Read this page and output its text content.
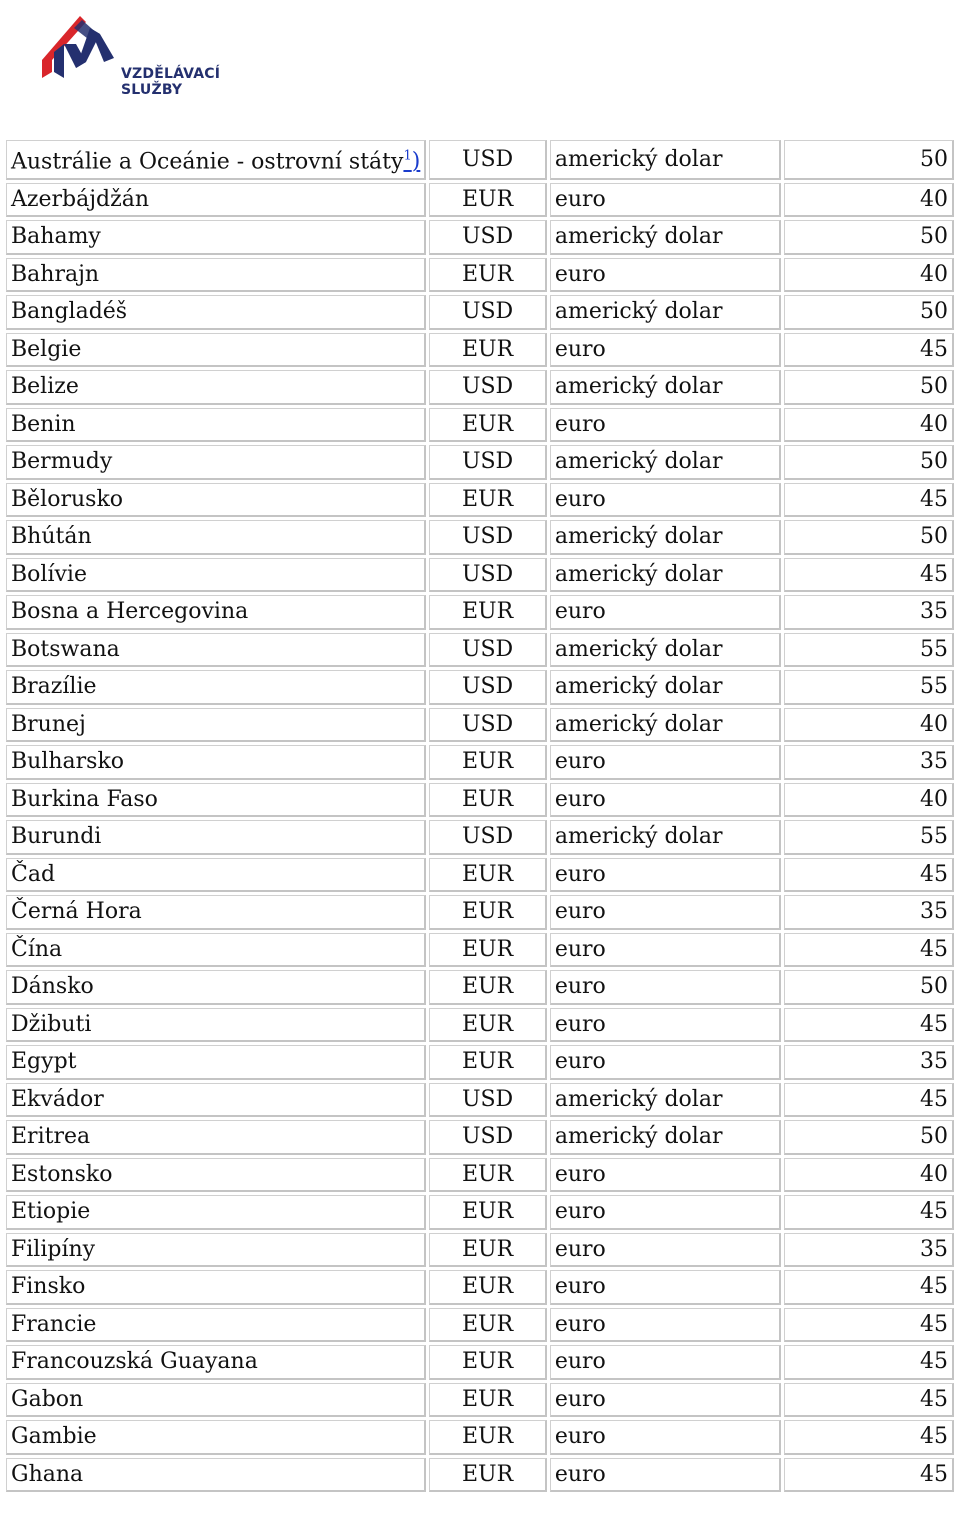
VZDĚLÁVACÍ
SLUŽBY
Austrálie a Oceánie - ostrovní státy$^1$)	USD	americký dolar	50
Azerbájdžán	EUR	euro	40
Bahamy	USD	americký dolar	50
Bahrajn	EUR	euro	40
Bangladéš	USD	americký dolar	50
Belgie	EUR	euro	45
Belize	USD	americký dolar	50
Benin	EUR	euro	40
Bermudy	USD	americký dolar	50
Bělorusko	EUR	euro	45
Bhútán	USD	americký dolar	50
Bolívie	USD	americký dolar	45
Bosna a Hercegovina	EUR	euro	35
Botswana	USD	americký dolar	55
Brazílie	USD	americký dolar	55
Brunej	USD	americký dolar	40
Bulharsko	EUR	euro	35
Burkina Faso	EUR	euro	40
Burundi	USD	americký dolar	55
Čad	EUR	euro	45
Černá Hora	EUR	euro	35
Čína	EUR	euro	45
Dánsko	EUR	euro	50
Džibuti	EUR	euro	45
Egypt	EUR	euro	35
Ekvádor	USD	americký dolar	45
Eritrea	USD	americký dolar	50
Estonsko	EUR	euro	40
Etiopie	EUR	euro	45
Filipíny	EUR	euro	35
Finsko	EUR	euro	45
Francie	EUR	euro	45
Francouzská Guayana	EUR	euro	45
Gabon	EUR	euro	45
Gambie	EUR	euro	45
Ghana	EUR	euro	45
